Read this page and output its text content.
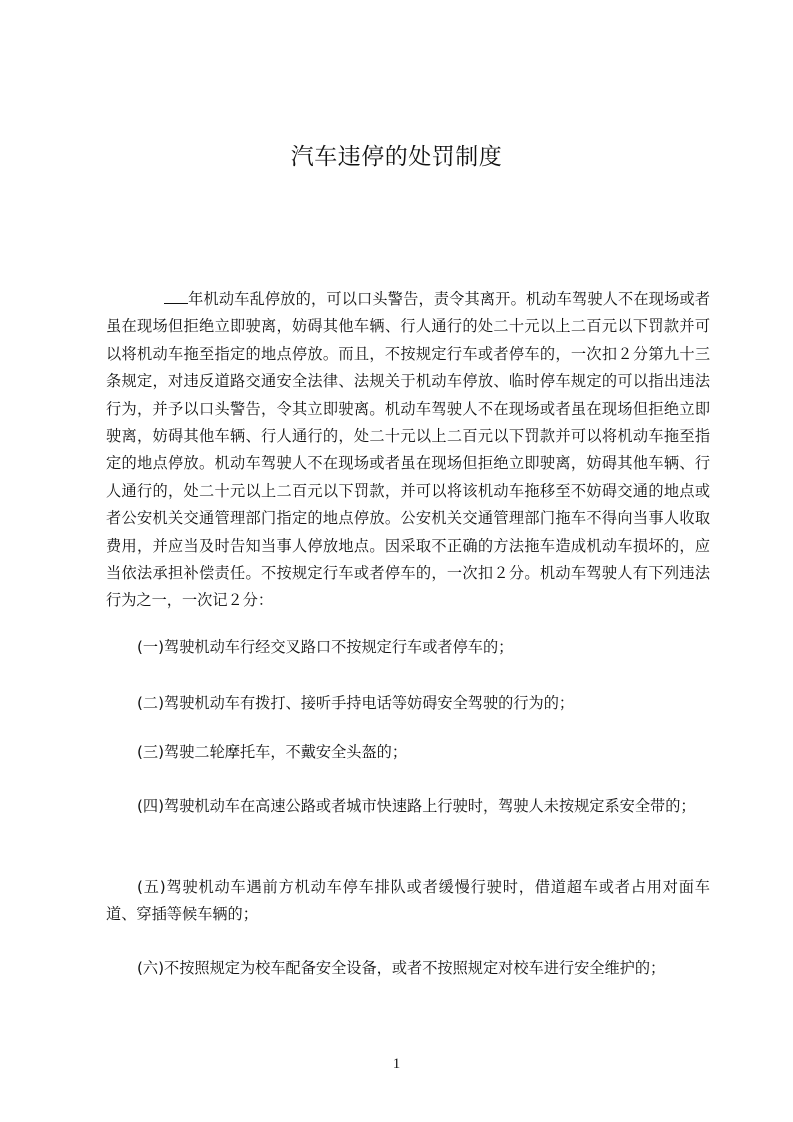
汽车违停的处罚制度

年机动车乱停放的，可以口头警告，责令其离开。机动车驾驶人不在现场或者虽在现场但拒绝立即驶离，妨碍其他车辆、行人通行的处二十元以上二百元以下罚款并可以将机动车拖至指定的地点停放。而且，不按规定行车或者停车的，一次扣２分第九十三条规定，对违反道路交通安全法律、法规关于机动车停放、临时停车规定的可以指出违法行为，并予以口头警告，令其立即驶离。机动车驾驶人不在现场或者虽在现场但拒绝立即驶离，妨碍其他车辆、行人通行的，处二十元以上二百元以下罚款并可以将机动车拖至指定的地点停放。机动车驾驶人不在现场或者虽在现场但拒绝立即驶离，妨碍其他车辆、行人通行的，处二十元以上二百元以下罚款，并可以将该机动车拖移至不妨碍交通的地点或者公安机关交通管理部门指定的地点停放。公安机关交通管理部门拖车不得向当事人收取费用，并应当及时告知当事人停放地点。因采取不正确的方法拖车造成机动车损坏的，应当依法承担补偿责任。不按规定行车或者停车的，一次扣２分。机动车驾驶人有下列违法行为之一，一次记２分：

(一)驾驶机动车行经交叉路口不按规定行车或者停车的；

(二)驾驶机动车有拨打、接听手持电话等妨碍安全驾驶的行为的；

(三)驾驶二轮摩托车，不戴安全头盔的；

(四)驾驶机动车在高速公路或者城市快速路上行驶时，驾驶人未按规定系安全带的；

(五)驾驶机动车遇前方机动车停车排队或者缓慢行驶时，借道超车或者占用对面车道、穿插等候车辆的；

(六)不按照规定为校车配备安全设备，或者不按照规定对校车进行安全维护的；

1
